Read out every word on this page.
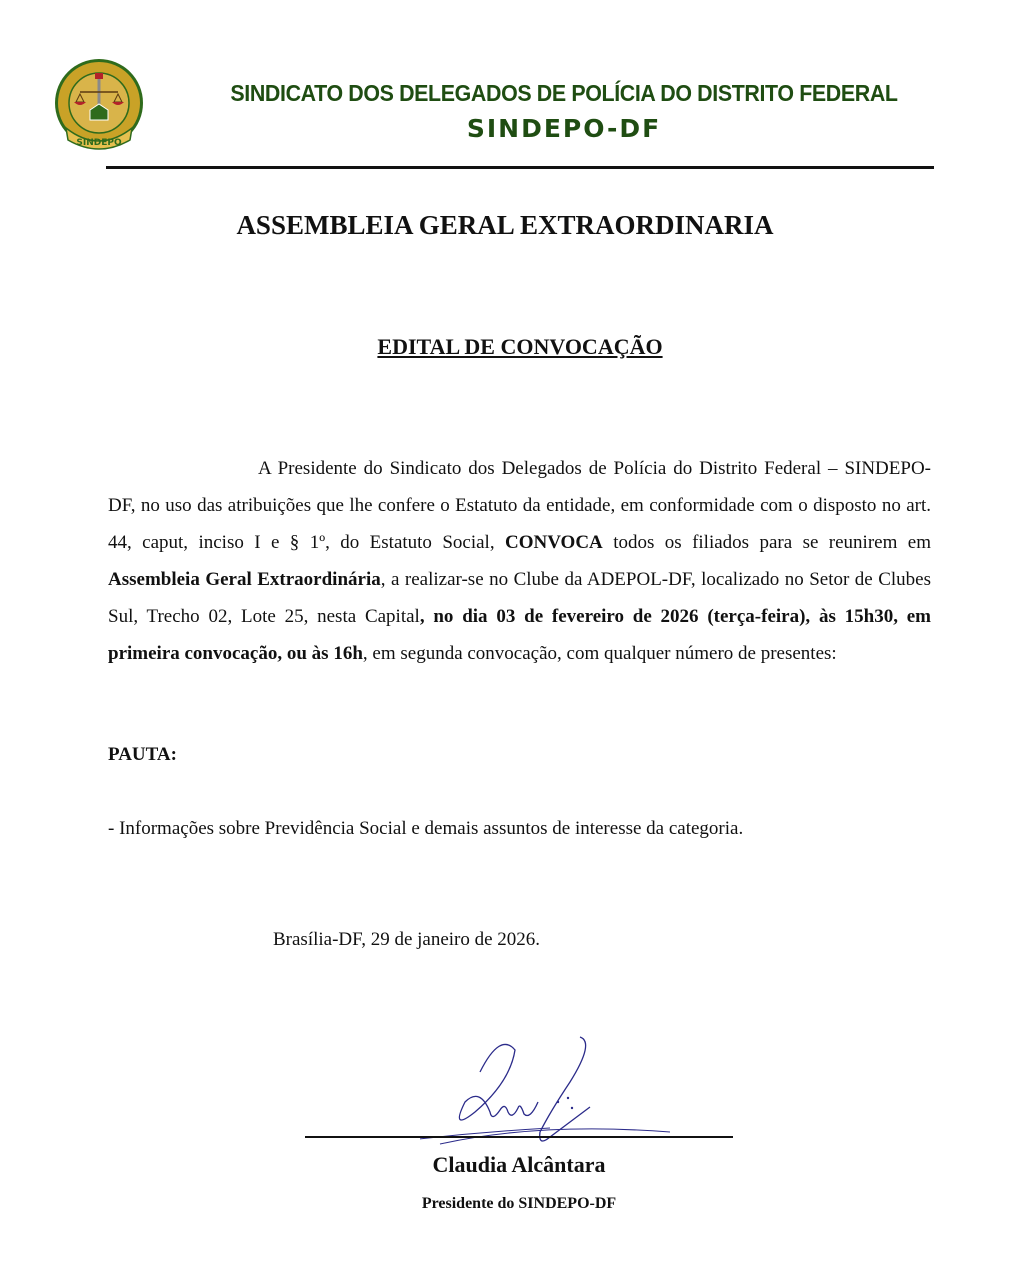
SINDEPO
SINDICATO DOS DELEGADOS DE POLÍCIA DO DISTRITO FEDERAL
SINDEPO-DF
ASSEMBLEIA GERAL EXTRAORDINARIA
EDITAL DE CONVOCAÇÃO
A Presidente do Sindicato dos Delegados de Polícia do Distrito Federal – SINDEPO-DF, no uso das atribuições que lhe confere o Estatuto da entidade, em conformidade com o disposto no art. 44, caput, inciso I e § 1º, do Estatuto Social, CONVOCA todos os filiados para se reunirem em Assembleia Geral Extraordinária, a realizar-se no Clube da ADEPOL-DF, localizado no Setor de Clubes Sul, Trecho 02, Lote 25, nesta Capital, no dia 03 de fevereiro de 2026 (terça-feira), às 15h30, em primeira convocação, ou às 16h, em segunda convocação, com qualquer número de presentes:
PAUTA:
- Informações sobre Previdência Social e demais assuntos de interesse da categoria.
Brasília-DF, 29 de janeiro de 2026.
Claudia Alcântara
Presidente do SINDEPO-DF
